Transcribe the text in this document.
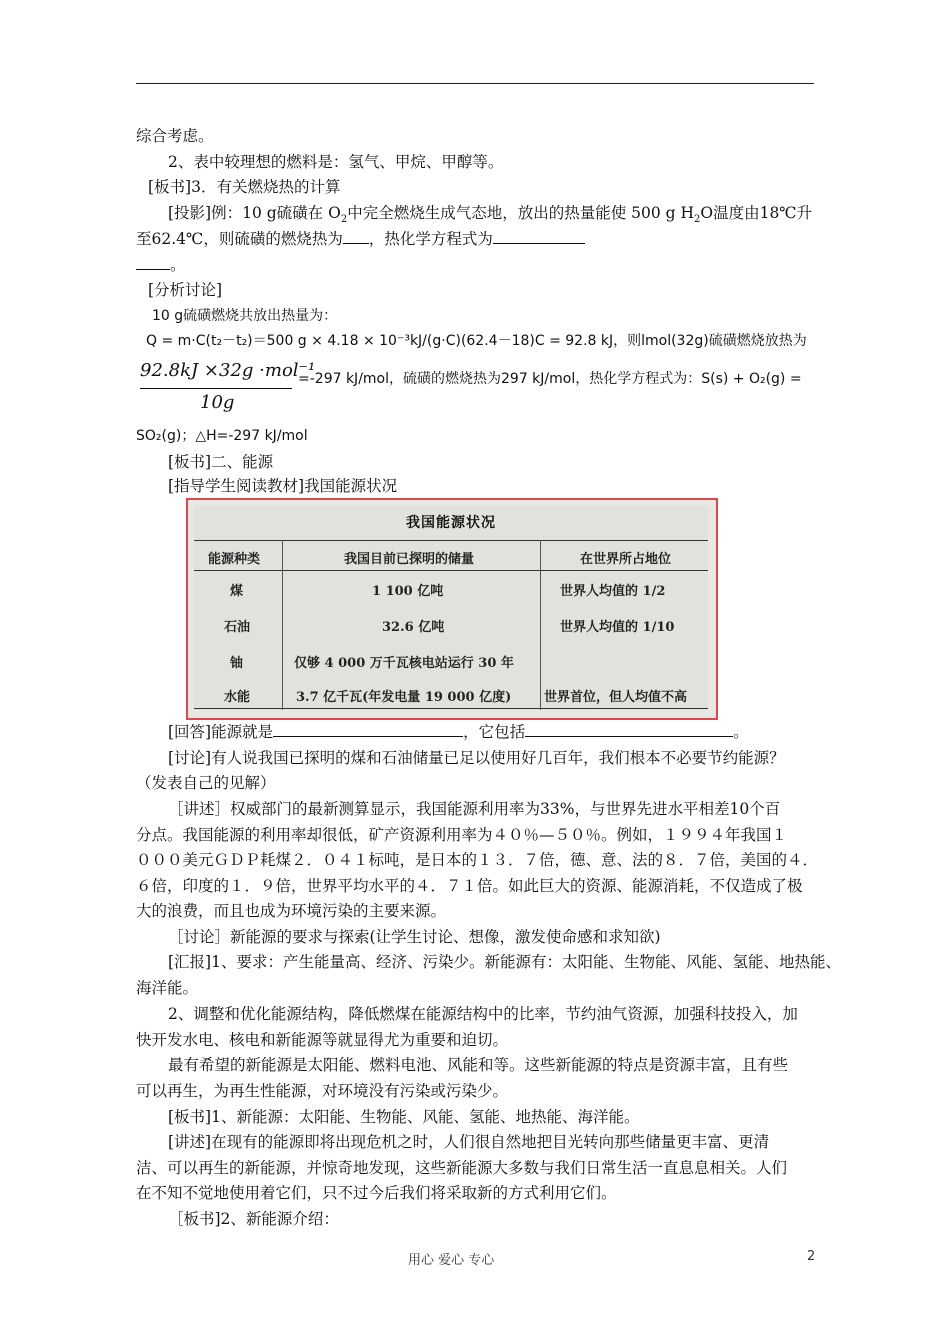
综合考虑。
2、表中较理想的燃料是：氢气、甲烷、甲醇等。
[板书]3．有关燃烧热的计算
[投影]例：10 g硫磺在 $O_2$中完全燃烧生成气态地，放出的热量能使 500 g $H_2O$温度由18℃升
至62.4℃，则硫磺的燃烧热为 ，热化学方程式为
。
[分析讨论]
10 g硫磺燃烧共放出热量为：
Q = m·C(t₂－t₂)＝500 g × 4.18 × 10⁻³kJ/(g·C)(62.4－18)C = 92.8 kJ，则lmol(32g)硫磺燃烧放热为
92.8kJ ×32g ·mol⁻¹
10g
=-297 kJ/mol，硫磺的燃烧热为297 kJ/mol，热化学方程式为：S(s) + O₂(g) =
SO₂(g)；△H=-297 kJ/mol
[板书]二、能源
[指导学生阅读教材]我国能源状况
我国能源状况
能源种类	我国目前已探明的储量	在世界所占地位
煤	1 100 亿吨	世界人均值的 1/2
石油	32.6 亿吨	世界人均值的 1/10
铀	仅够 4 000 万千瓦核电站运行 30 年
水能	3.7 亿千瓦(年发电量 19 000 亿度)	世界首位，但人均值不高
[回答]能源就是	，它包括	。
[讨论]有人说我国已探明的煤和石油储量已足以使用好几百年，我们根本不必要节约能源？
（发表自己的见解）
［讲述］权威部门的最新测算显示，我国能源利用率为33%，与世界先进水平相差10个百
分点。我国能源的利用率却很低，矿产资源利用率为４０％—５０％。例如，１９９４年我国１
０００美元ＧＤＰ耗煤２．０４１标吨，是日本的１３．７倍，德、意、法的８．７倍，美国的４．
６倍，印度的１．９倍，世界平均水平的４．７１倍。如此巨大的资源、能源消耗，不仅造成了极
大的浪费，而且也成为环境污染的主要来源。
［讨论］新能源的要求与探索(让学生讨论、想像，激发使命感和求知欲)
[汇报]1、要求：产生能量高、经济、污染少。新能源有：太阳能、生物能、风能、氢能、地热能、
海洋能。
2、调整和优化能源结构，降低燃煤在能源结构中的比率，节约油气资源，加强科技投入，加
快开发水电、核电和新能源等就显得尤为重要和迫切。
最有希望的新能源是太阳能、燃料电池、风能和等。这些新能源的特点是资源丰富，且有些
可以再生，为再生性能源，对环境没有污染或污染少。
[板书]1、新能源：太阳能、生物能、风能、氢能、地热能、海洋能。
[讲述]在现有的能源即将出现危机之时，人们很自然地把目光转向那些储量更丰富、更清
洁、可以再生的新能源，并惊奇地发现，这些新能源大多数与我们日常生活一直息息相关。人们
在不知不觉地使用着它们，只不过今后我们将采取新的方式利用它们。
［板书]2、新能源介绍：
用心 爱心 专心	2
